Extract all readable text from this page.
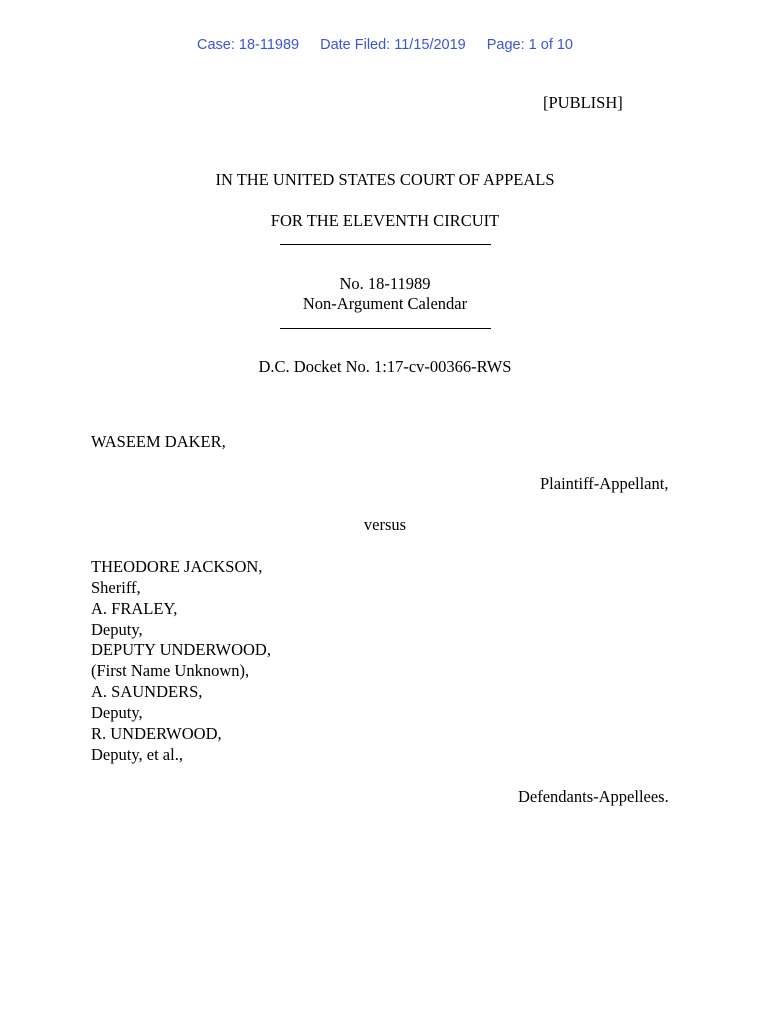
Case: 18-11989 Date Filed: 11/15/2019 Page: 1 of 10
[PUBLISH]
IN THE UNITED STATES COURT OF APPEALS
FOR THE ELEVENTH CIRCUIT
No. 18-11989
Non-Argument Calendar
D.C. Docket No. 1:17-cv-00366-RWS
WASEEM DAKER,
Plaintiff-Appellant,
versus
THEODORE JACKSON,
Sheriff,
A. FRALEY,
Deputy,
DEPUTY UNDERWOOD,
(First Name Unknown),
A. SAUNDERS,
Deputy,
R. UNDERWOOD,
Deputy, et al.,
Defendants-Appellees.
